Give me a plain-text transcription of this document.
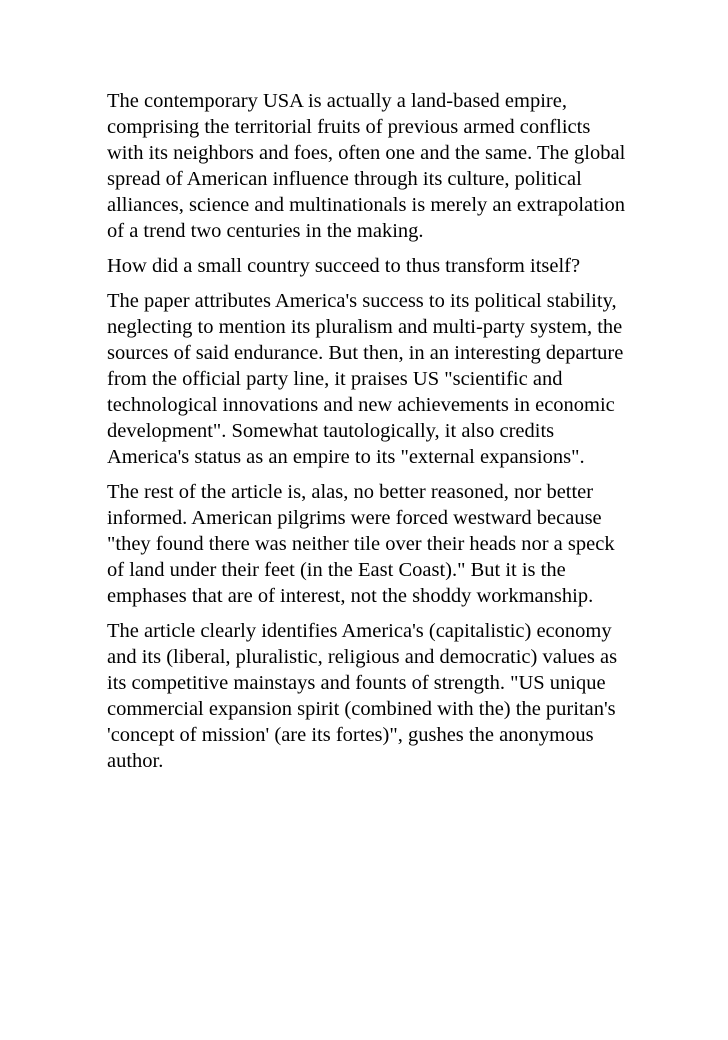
The contemporary USA is actually a land-based empire, comprising the territorial fruits of previous armed conflicts with its neighbors and foes, often one and the same. The global spread of American influence through its culture, political alliances, science and multinationals is merely an extrapolation of a trend two centuries in the making.

How did a small country succeed to thus transform itself?

The paper attributes America's success to its political stability, neglecting to mention its pluralism and multi-party system, the sources of said endurance. But then, in an interesting departure from the official party line, it praises US "scientific and technological innovations and new achievements in economic development". Somewhat tautologically, it also credits America's status as an empire to its "external expansions".

The rest of the article is, alas, no better reasoned, nor better informed. American pilgrims were forced westward because "they found there was neither tile over their heads nor a speck of land under their feet (in the East Coast)." But it is the emphases that are of interest, not the shoddy workmanship.

The article clearly identifies America's (capitalistic) economy and its (liberal, pluralistic, religious and democratic) values as its competitive mainstays and founts of strength. "US unique commercial expansion spirit (combined with the) the puritan's 'concept of mission' (are its fortes)", gushes the anonymous author.
